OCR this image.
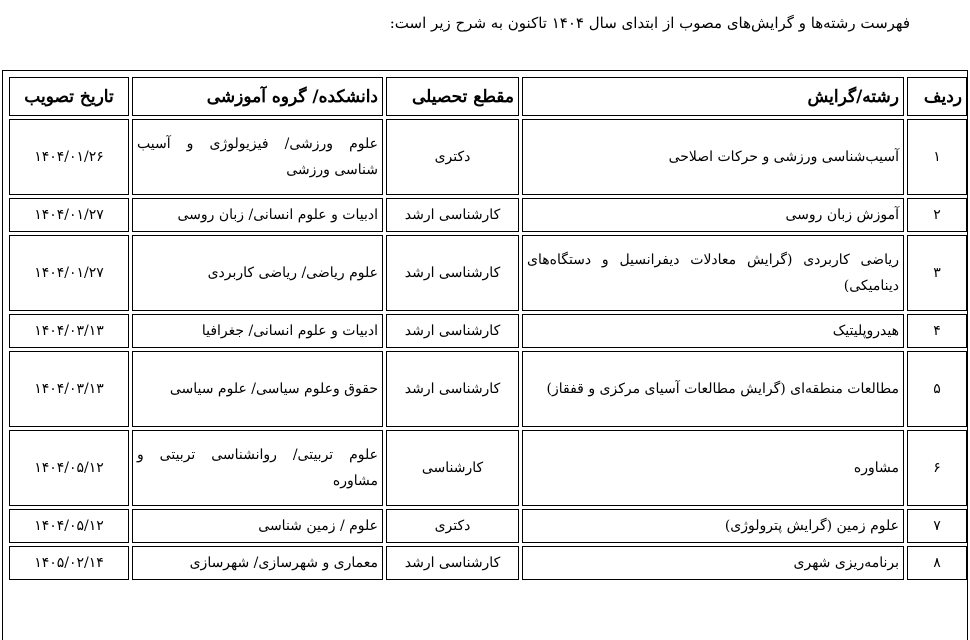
فهرست رشته‌ها و گرایش‌های مصوب از ابتدای سال ۱۴۰۴ تاکنون به شرح زیر است:
ردیف	رشته/گرایش	مقطع تحصیلی	دانشکده/ گروه آموزشی	تاریخ تصویب
۱	آسیب‌شناسی ورزشی و حرکات اصلاحی	دکتری	علوم ورزشی/ فیزیولوژی و آسیب شناسی ورزشی	۱۴۰۴/۰۱/۲۶
۲	آموزش زبان روسی	کارشناسی ارشد	ادبیات و علوم انسانی/ زبان روسی	۱۴۰۴/۰۱/۲۷
۳	ریاضی کاربردی (گرایش معادلات دیفرانسیل و دستگاه‌های دینامیکی)	کارشناسی ارشد	علوم ریاضی/ ریاضی کاربردی	۱۴۰۴/۰۱/۲۷
۴	هیدروپلیتیک	کارشناسی ارشد	ادبیات و علوم انسانی/ جغرافیا	۱۴۰۴/۰۳/۱۳
۵	مطالعات منطقه‌ای (گرایش مطالعات آسیای مرکزی و قفقاز)	کارشناسی ارشد	حقوق وعلوم سیاسی/ علوم سیاسی	۱۴۰۴/۰۳/۱۳
۶	مشاوره	کارشناسی	علوم تربیتی/ روانشناسی تربیتی و مشاوره	۱۴۰۴/۰۵/۱۲
۷	علوم زمین (گرایش پترولوژی)	دکتری	علوم / زمین شناسی	۱۴۰۴/۰۵/۱۲
۸	برنامه‌ریزی شهری	کارشناسی ارشد	معماری و شهرسازی/ شهرسازی	۱۴۰۵/۰۲/۱۴
